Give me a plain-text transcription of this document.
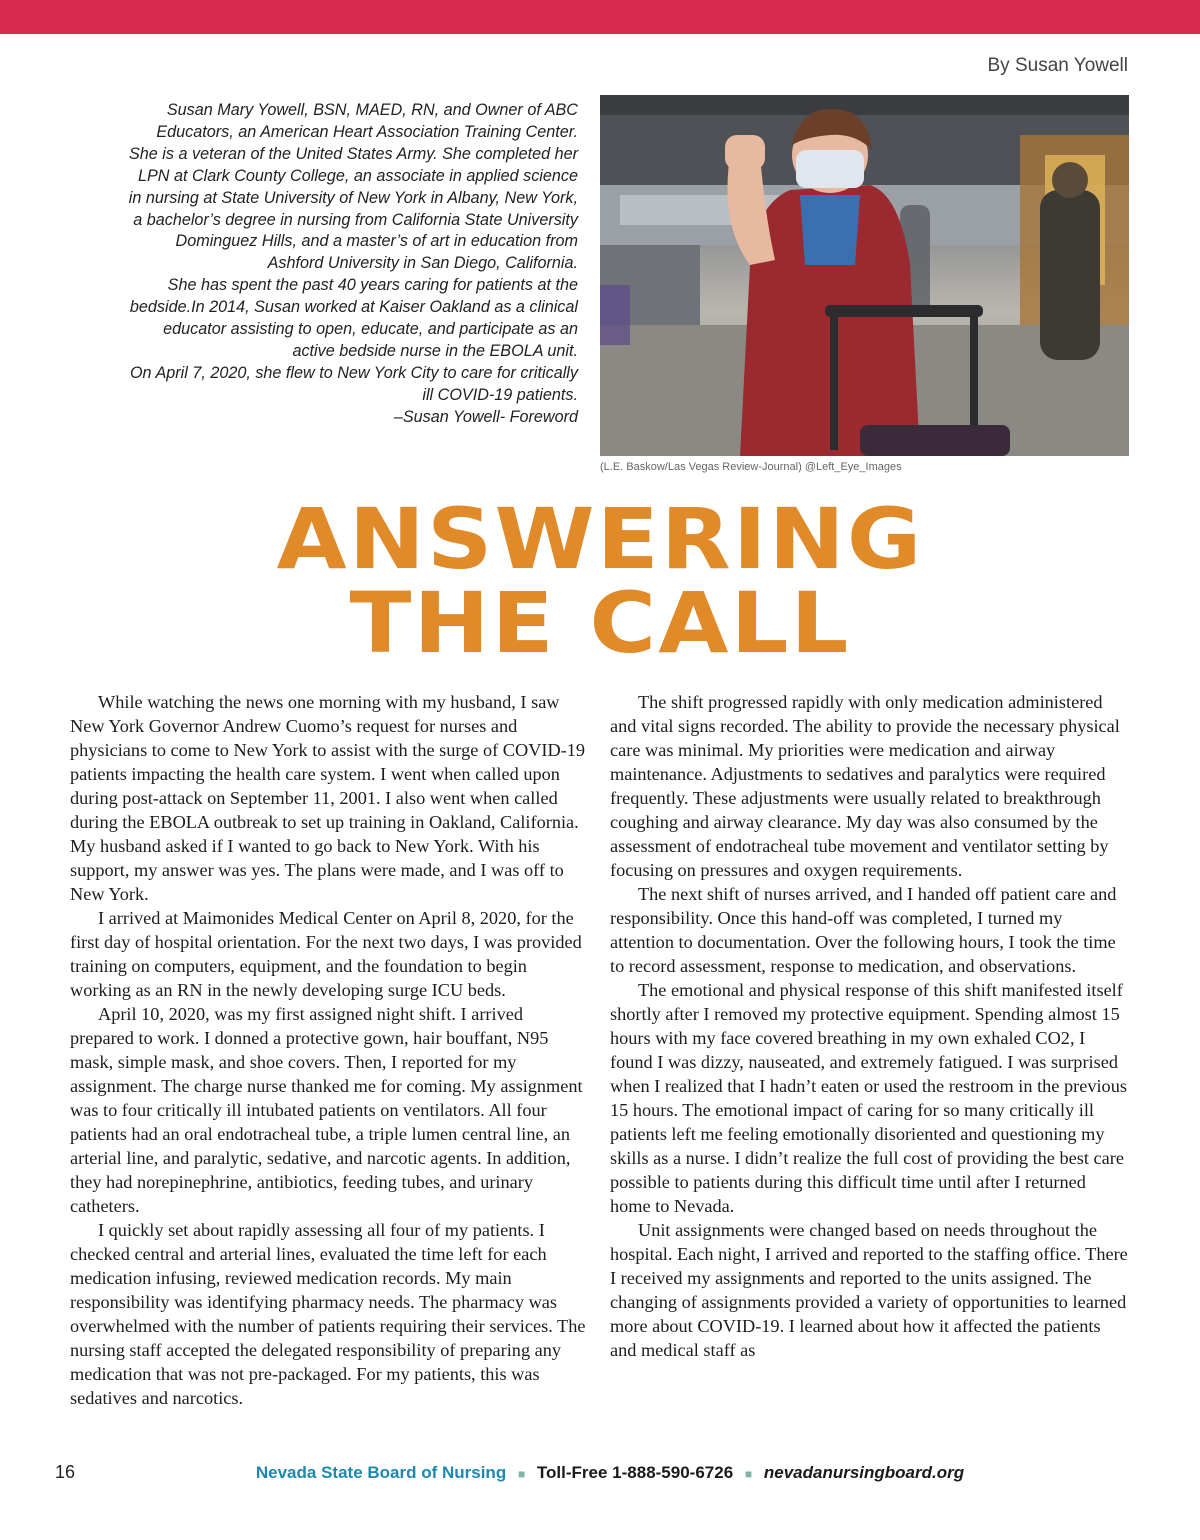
By Susan Yowell

Susan Mary Yowell, BSN, MAED, RN, and Owner of ABC

Educators, an American Heart Association Training Center.

She is a veteran of the United States Army. She completed her

LPN at Clark County College, an associate in applied science

in nursing at State University of New York in Albany, New York,

a bachelor’s degree in nursing from California State University

Dominguez Hills, and a master’s of art in education from

Ashford University in San Diego, California.

She has spent the past 40 years caring for patients at the

bedside.In 2014, Susan worked at Kaiser Oakland as a clinical

educator assisting to open, educate, and participate as an

active bedside nurse in the EBOLA unit.

On April 7, 2020, she flew to New York City to care for critically

ill COVID-19 patients.

–Susan Yowell- Foreword

(L.E. Baskow/Las Vegas Review-Journal) @Left_Eye_Images
ANSWERING
THE CALL

While watching the news one morning with my husband, I saw New York Governor Andrew Cuomo’s request for nurses and physicians to come to New York to assist with the surge of COVID-19 patients impacting the health care system. I went when called upon during post-attack on September 11, 2001. I also went when called during the EBOLA outbreak to set up training in Oakland, California. My husband asked if I wanted to go back to New York. With his support, my answer was yes. The plans were made, and I was off to New York.

I arrived at Maimonides Medical Center on April 8, 2020, for the first day of hospital orientation. For the next two days, I was provided training on computers, equipment, and the foundation to begin working as an RN in the newly developing surge ICU beds.

April 10, 2020, was my first assigned night shift. I arrived prepared to work. I donned a protective gown, hair bouffant, N95 mask, simple mask, and shoe covers. Then, I reported for my assignment. The charge nurse thanked me for coming. My assignment was to four critically ill intubated patients on ventilators. All four patients had an oral endotracheal tube, a triple lumen central line, an arterial line, and paralytic, sedative, and narcotic agents. In addition, they had norepinephrine, antibiotics, feeding tubes, and urinary catheters.

I quickly set about rapidly assessing all four of my patients. I checked central and arterial lines, evaluated the time left for each medication infusing, reviewed medication records. My main responsibility was identifying pharmacy needs. The pharmacy was overwhelmed with the number of patients requiring their services. The nursing staff accepted the delegated responsibility of preparing any medication that was not pre-packaged. For my patients, this was sedatives and narcotics.

The shift progressed rapidly with only medication administered and vital signs recorded. The ability to provide the necessary physical care was minimal. My priorities were medication and airway maintenance. Adjustments to sedatives and paralytics were required frequently. These adjustments were usually related to breakthrough coughing and airway clearance. My day was also consumed by the assessment of endotracheal tube movement and ventilator setting by focusing on pressures and oxygen requirements.

The next shift of nurses arrived, and I handed off patient care and responsibility. Once this hand-off was completed, I turned my attention to documentation. Over the following hours, I took the time to record assessment, response to medication, and observations.

The emotional and physical response of this shift manifested itself shortly after I removed my protective equipment. Spending almost 15 hours with my face covered breathing in my own exhaled CO2, I found I was dizzy, nauseated, and extremely fatigued. I was surprised when I realized that I hadn’t eaten or used the restroom in the previous 15 hours. The emotional impact of caring for so many critically ill patients left me feeling emotionally disoriented and questioning my skills as a nurse. I didn’t realize the full cost of providing the best care possible to patients during this difficult time until after I returned home to Nevada.

Unit assignments were changed based on needs throughout the hospital. Each night, I arrived and reported to the staffing office. There I received my assignments and reported to the units assigned. The changing of assignments provided a variety of opportunities to learned more about COVID-19. I learned about how it affected the patients and medical staff as

16	Nevada State Board of Nursing ■ Toll-Free 1-888-590-6726 ■ nevadanursingboard.org
